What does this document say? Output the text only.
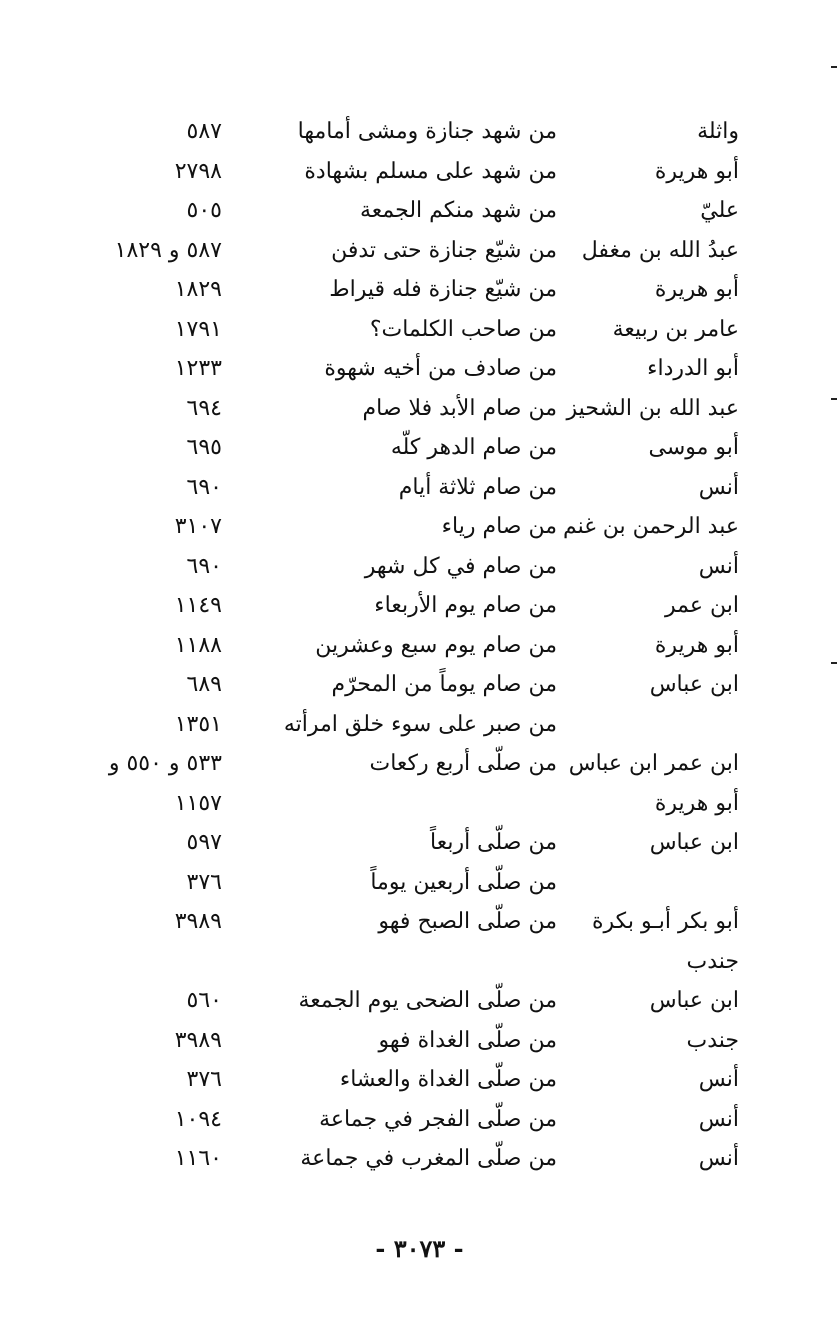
واثلة
من شهد جنازة ومشى أمامها
٥٨٧
أبو هريرة
من شهد على مسلم بشهادة
٢٧٩٨
عليّ
من شهد منكم الجمعة
٥٠٥
عبدُ الله بن مغفل
من شيّع جنازة حتى تدفن
٥٨٧ و ١٨٢٩
أبو هريرة
من شيّع جنازة فله قيراط
١٨٢٩
عامر بن ربيعة
من صاحب الكلمات؟
١٧٩١
أبو الدرداء
من صادف من أخيه شهوة
١٢٣٣
عبد الله بن الشحيز
من صام الأبد فلا صام
٦٩٤
أبو موسى
من صام الدهر كلّه
٦٩٥
أنس
من صام ثلاثة أيام
٦٩٠
عبد الرحمن بن غنم
من صام رياء
٣١٠٧
أنس
من صام في كل شهر
٦٩٠
ابن عمر
من صام يوم الأربعاء
١١٤٩
أبو هريرة
من صام يوم سبع وعشرين
١١٨٨
ابن عباس
من صام يوماً من المحرّم
٦٨٩
من صبر على سوء خلق امرأته
١٣٥١
ابن عمر ابن عباس
من صلّى أربع ركعات
٥٣٣ و ٥٥٠ و
أبو هريرة
١١٥٧
ابن عباس
من صلّى أربعاً
٥٩٧
من صلّى أربعين يوماً
٣٧٦
أبو بكر أبـو بكرة
من صلّى الصبح فهو
٣٩٨٩
جندب
ابن عباس
من صلّى الضحى يوم الجمعة
٥٦٠
جندب
من صلّى الغداة فهو
٣٩٨٩
أنس
من صلّى الغداة والعشاء
٣٧٦
أنس
من صلّى الفجر في جماعة
١٠٩٤
أنس
من صلّى المغرب في جماعة
١١٦٠
- ٣٠٧٣ -
